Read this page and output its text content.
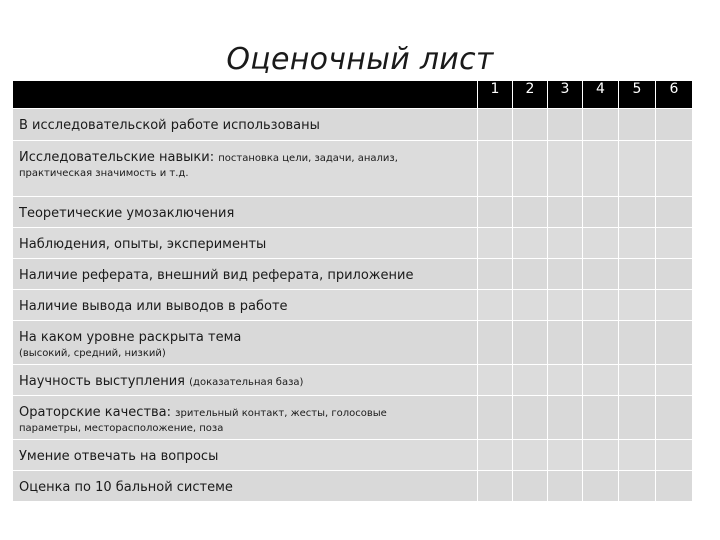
Оценочный лист
	1	2	3	4	5	6
В исследовательской работе использованы						
Исследовательские навыки: постановка цели, задачи, анализ,
практическая значимость и т.д.						

Теоретические умозаключения						
Наблюдения, опыты, эксперименты						
Наличие реферата, внешний вид реферата, приложение						
Наличие вывода или выводов в работе						
На каком уровне раскрыта тема
(высокий, средний, низкий)						

Научность выступления (доказательная база)						
Ораторские качества: зрительный контакт, жесты, голосовые
параметры, месторасположение, поза						

Умение отвечать на вопросы						
Оценка по 10 бальной системе						
